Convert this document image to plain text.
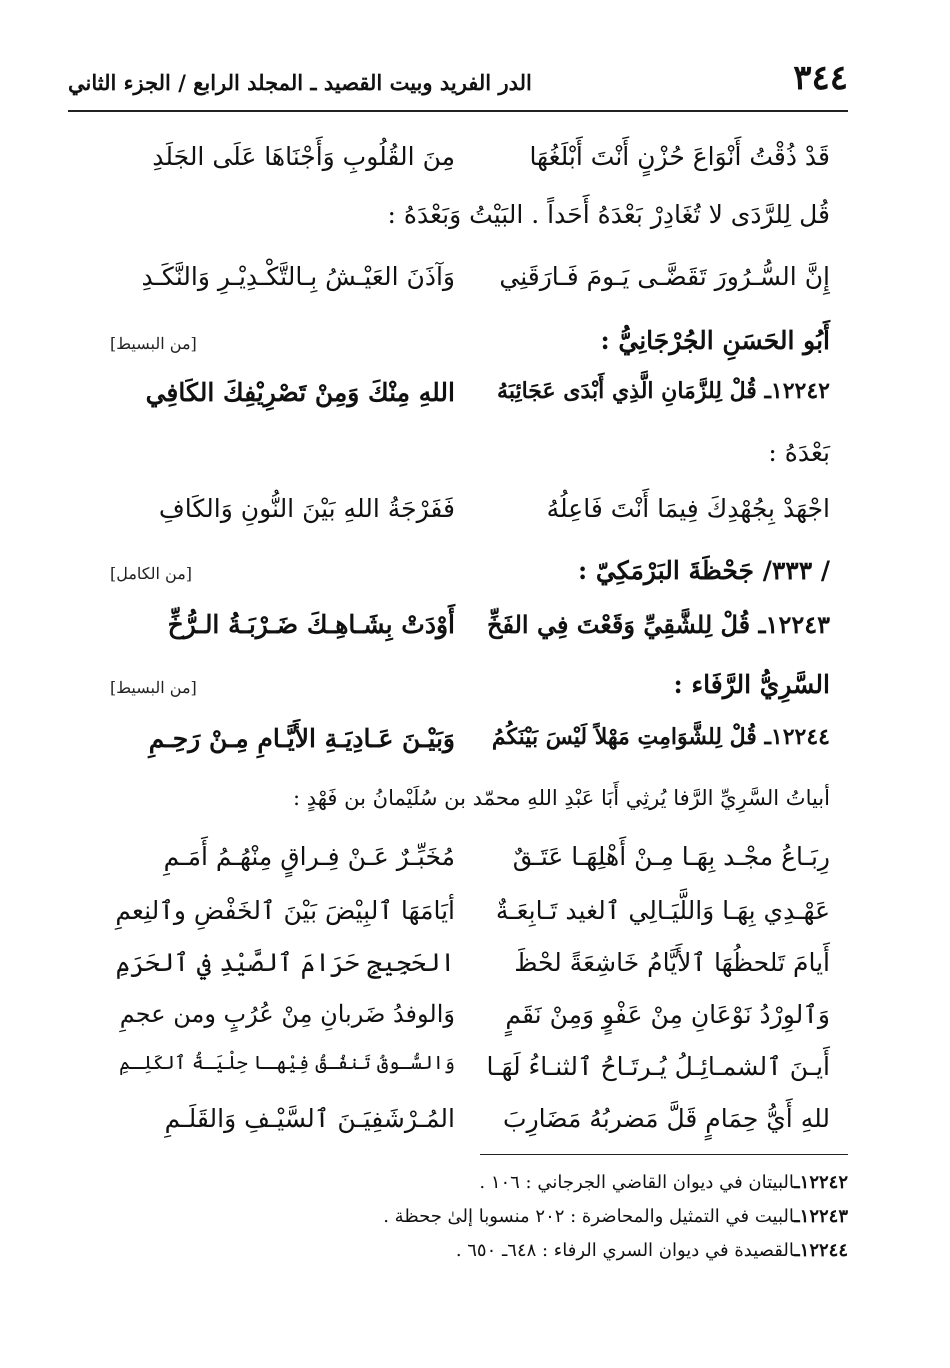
٣٤٤
الدر الفريد وبيت القصيد ـ المجلد الرابع / الجزء الثاني
قَدْ ذُقْتُ أَنْوَاعَ حُزْنٍ أَنْتَ أَبْلَغُهَا
مِنَ القُلُوبِ وَأَجْنَاهَا عَلَى الجَلَدِ
قُل لِلرَّدَى لا تُغَادِرْ بَعْدَهُ أَحَداً . البَيْتُ وَبَعْدَهُ :
إِنَّ السُّـرُورَ تَقَضَّـى يَـومَ فَـارَقَنِي
وَآذَنَ العَيْـشُ بِـالتَّكْـدِيْـرِ وَالنَّكَـدِ
أَبُو الحَسَنِ الجُرْجَانِيُّ :
[من البسيط]
١٢٢٤٢ـ قُلْ لِلزَّمَانِ الَّذِي أَبْدَى عَجَائِبَهُ
اللهِ مِنْكَ وَمِنْ تَصْرِيْفِكَ الكَافِي
بَعْدَهُ :
اجْهَدْ بِجُهْدِكَ فِيمَا أَنْتَ فَاعِلُهُ
فَفَرْجَةُ اللهِ بَيْنَ النُّونِ وَالكَافِ
/ ٣٣٣/ جَحْظَةَ البَرْمَكِيّ :
[من الكامل]
١٢٢٤٣ـ قُلْ لِلشَّقِيِّ وَقَعْتَ فِي الفَخِّ
أَوْدَتْ بِشَـاهِـكَ ضَـرْبَـةُ الـرُّخِّ
السَّرِيُّ الرَّفَاء :
[من البسيط]
١٢٢٤٤ـ قُلْ لِلشَّوَامِتِ مَهْلاً لَيْسَ بَيْنَكُمُ
وَبَيْـنَ عَـادِيَـةِ الأَيَّـامِ مِـنْ رَحِـمِ
أبياتُ السَّرِيِّ الرَّفا يُرثِي أَبَا عَبْدِ اللهِ محمّد بن سُلَيْمانُ بن فَهْدٍ :
رِبَـاعُ مجْـد بِهَـا مِـنْ أَهْلِهَـا عَتَـقٌ
مُخَبِّـرٌ عَـنْ فِـراقٍ مِنْهُـمُ أَمَـمِ
عَهْـدِي بِهَـا وَاللَّيَـالِي ٱلغيد تَـابِعَـةٌ
أيَامَهَا ٱلبِيْضَ بَيْنَ ٱلخَفْضِ وٱلنِعمِ
أَيامَ تَلحظُهَا ٱلأَيَّامُ خَاشِعَةً لحْظَ
الحَجِيجِ حَرَامَ ٱلصَّيْدِ في ٱلحَرَمِ
وَٱلوِرْدُ نَوْعَانِ مِنْ عَفْوٍ وَمِنْ نَقَمٍ
وَالوفدُ ضَربانِ مِنْ عُرُبٍ ومن عجمِ
أَيـنَ ٱلشمـائِـلُ يُـرتَـاحُ ٱلثنـاءُ لَهَـا
وَالسُّـوقُ تَنفُـقُ فِيْهـا حِلْيَـةُ ٱلكَلِـمِ
للهِ أَيُّ حِمَامٍ قَلَّ مَضربُهُ مَضَارِبَ
المُـرْشَفِيَـنَ ٱلسَّيْـفِ وَالقَلَـمِ
١٢٢٤٢ـالبيتان في ديوان القاضي الجرجاني : ١٠٦ .
١٢٢٤٣ـالبيت في التمثيل والمحاضرة : ٢٠٢ منسوبا إلىٰ جحظة .
١٢٢٤٤ـالقصيدة في ديوان السري الرفاء : ٦٤٨ـ ٦٥٠ .
